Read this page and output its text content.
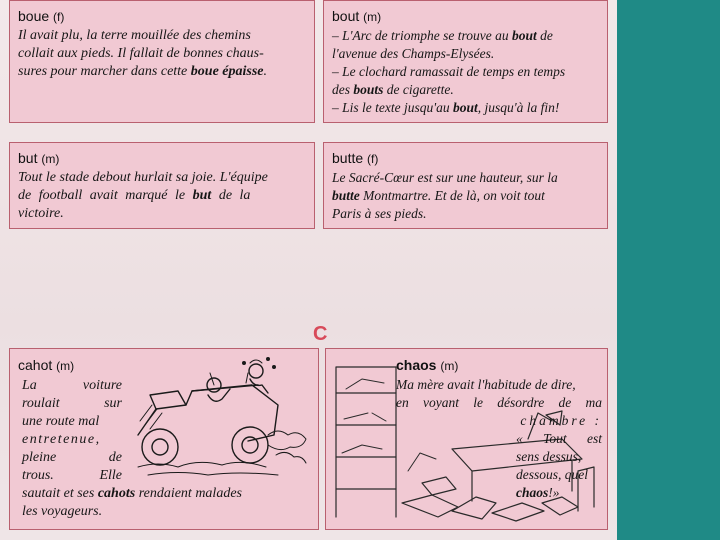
boue (f)
Il avait plu, la terre mouillée des chemins
collait aux pieds. Il fallait de bonnes chaus-
sures pour marcher dans cette boue épaisse.
bout (m)
– L'Arc de triomphe se trouve au bout de
l'avenue des Champs-Elysées.
– Le clochard ramassait de temps en temps
des bouts de cigarette.
– Lis le texte jusqu'au bout, jusqu'à la fin!
but (m)
Tout le stade debout hurlait sa joie. L'équipe
de football avait marqué le but de la
victoire.
butte (f)
Le Sacré-Cœur est sur une hauteur, sur la
butte Montmartre. Et de là, on voit tout
Paris à ses pieds.
C
cahot (m)
La voiture
roulait sur
une route mal
entretenue,
pleine de
trous. Elle
sautait et ses cahots rendaient malades
les voyageurs.
chaos (m)
Ma mère avait l'habitude de dire,
en voyant le désordre de ma
chambre :
« Tout est
sens dessus,
dessous, quel
chaos!»
